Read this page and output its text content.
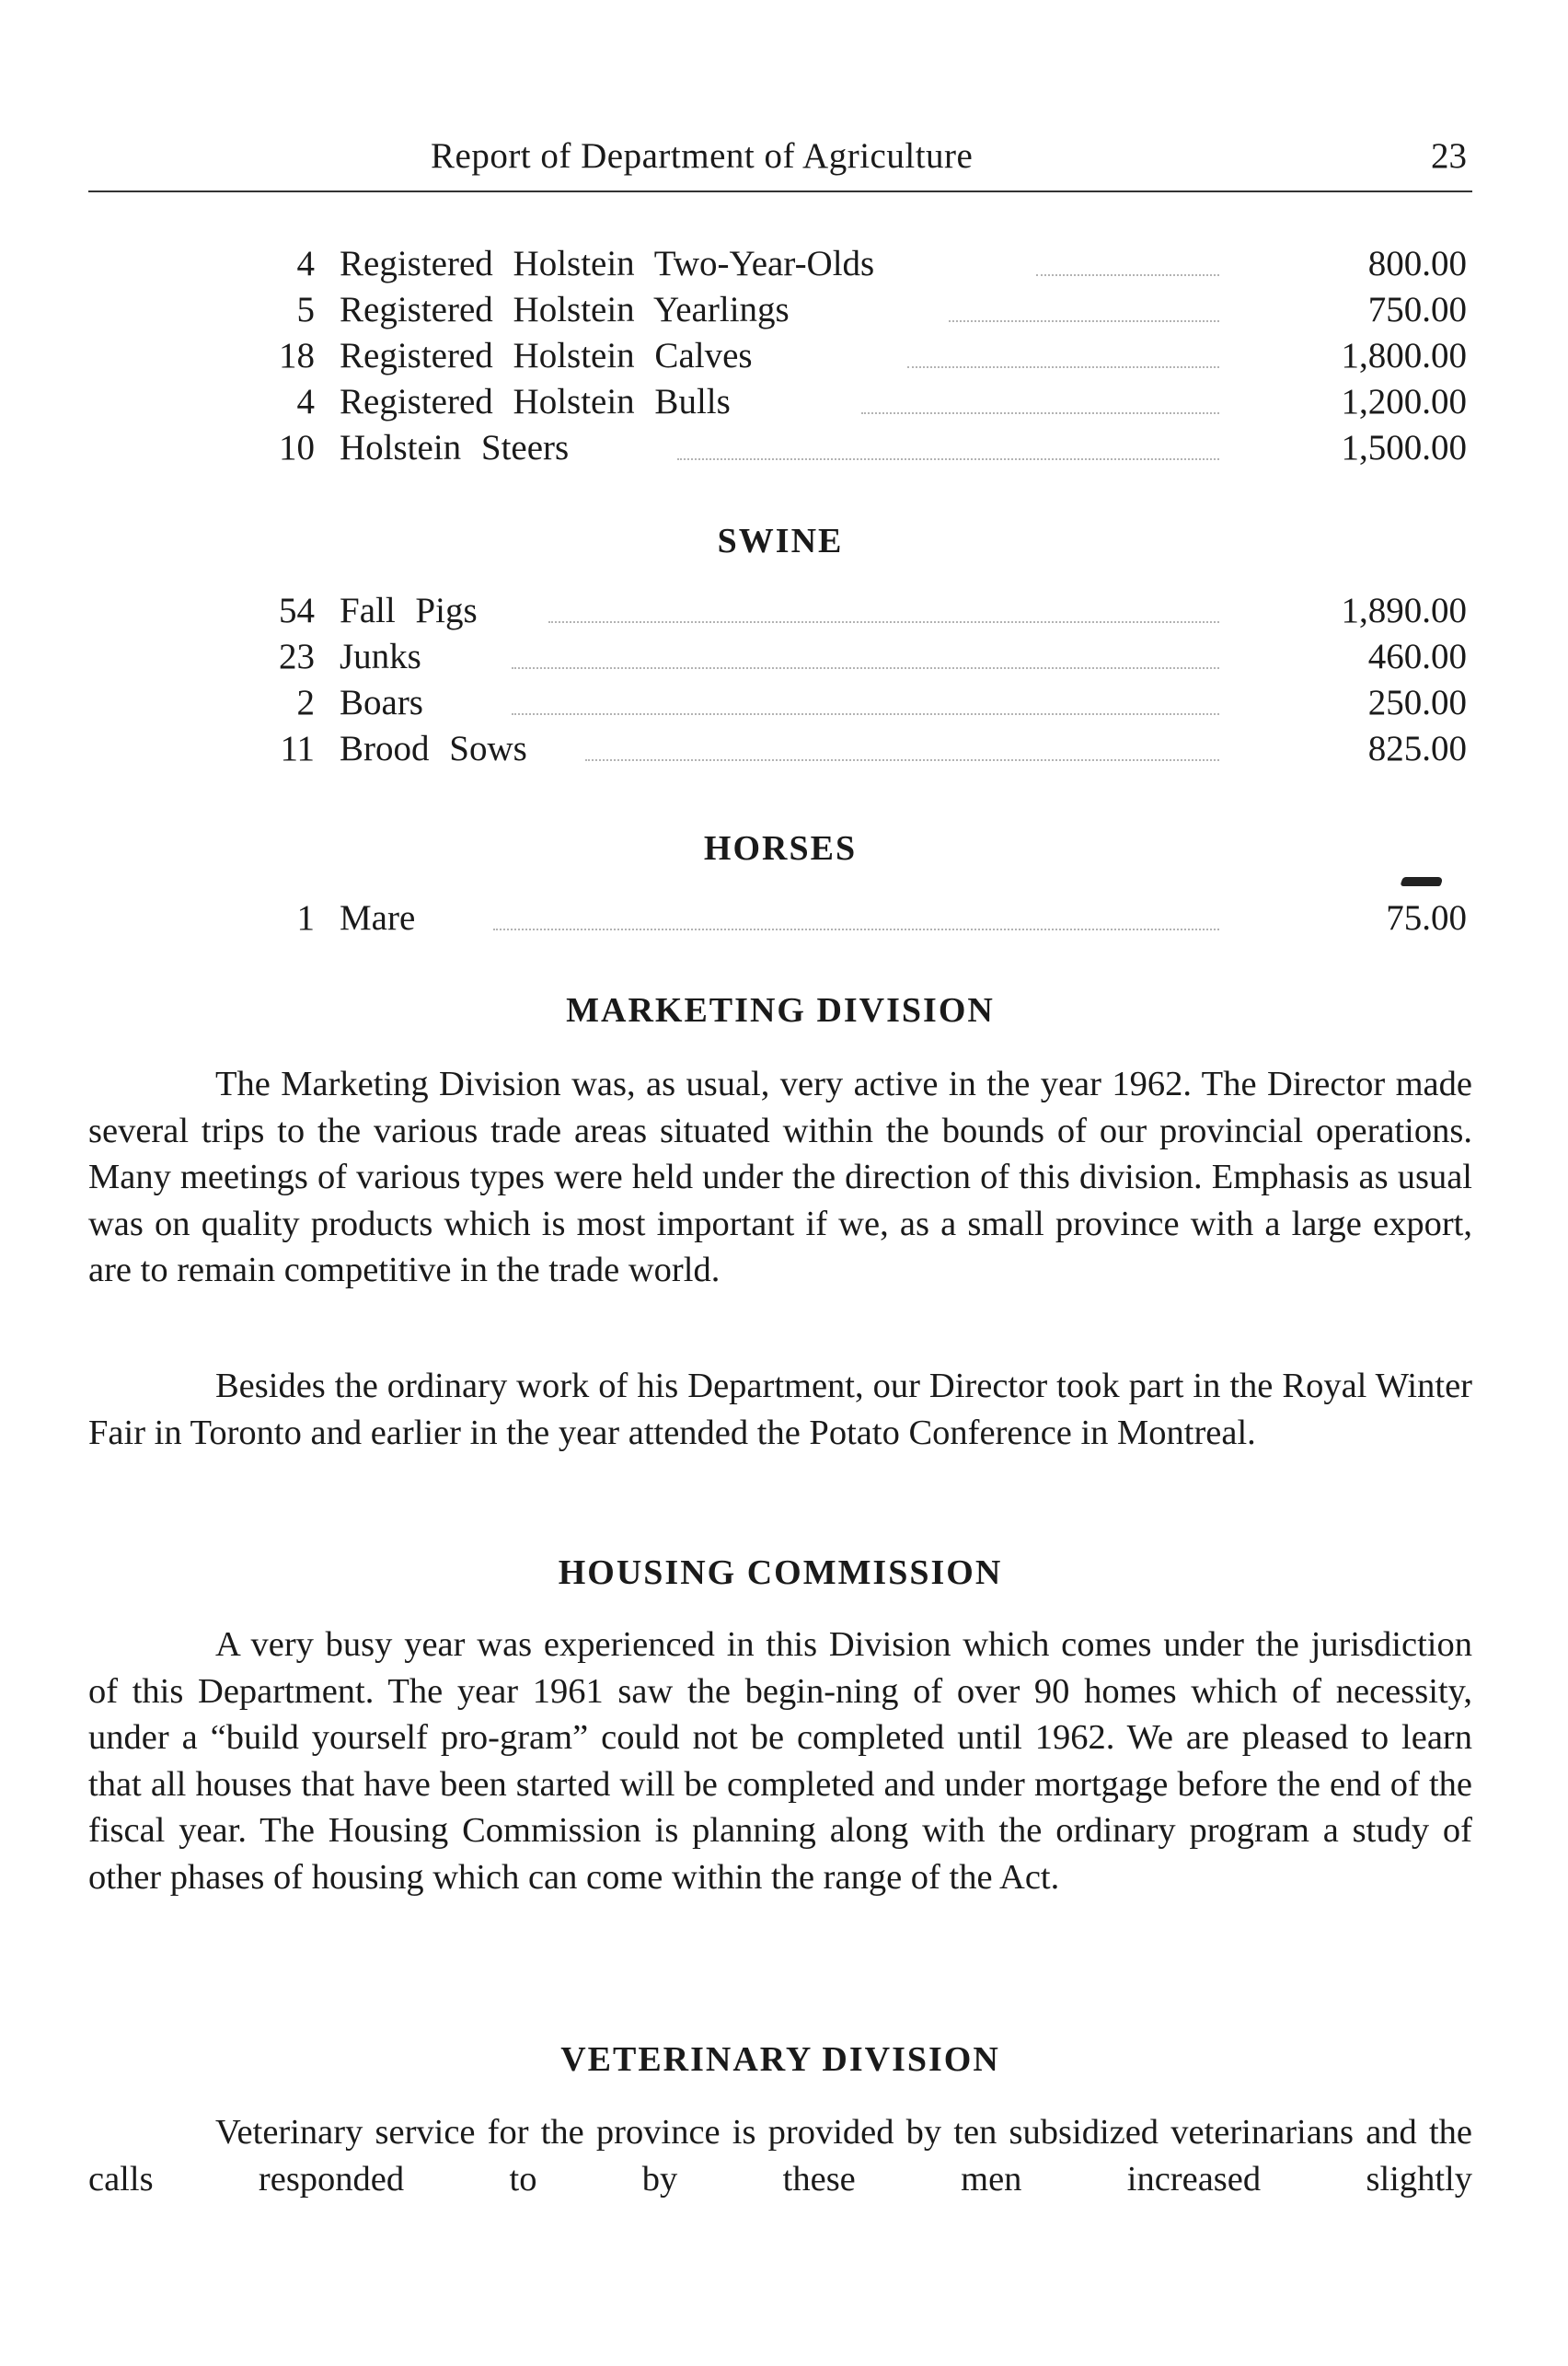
Report of Department of Agriculture	23
4 Registered Holstein Two-Year-Olds	800.00
5 Registered Holstein Yearlings	750.00
18 Registered Holstein Calves	1,800.00
4 Registered Holstein Bulls	1,200.00
10 Holstein Steers	1,500.00
SWINE
54 Fall Pigs	1,890.00
23 Junks	460.00
2 Boars	250.00
11 Brood Sows	825.00
HORSES
1 Mare	75.00
MARKETING DIVISION

The Marketing Division was, as usual, very active in the year 1962. The Director made several trips to the various trade areas situated within the bounds of our provincial operations. Many meetings of various types were held under the direction of this division. Emphasis as usual was on quality products which is most important if we, as a small province with a large export, are to remain competitive in the trade world.

Besides the ordinary work of his Department, our Director took part in the Royal Winter Fair in Toronto and earlier in the year attended the Potato Conference in Montreal.

HOUSING COMMISSION

A very busy year was experienced in this Division which comes under the jurisdiction of this Department. The year 1961 saw the begin-ning of over 90 homes which of necessity, under a “build yourself pro-gram” could not be completed until 1962. We are pleased to learn that all houses that have been started will be completed and under mortgage before the end of the fiscal year. The Housing Commission is planning along with the ordinary program a study of other phases of housing which can come within the range of the Act.

VETERINARY DIVISION

Veterinary service for the province is provided by ten subsidized veterinarians and the calls responded to by these men increased slightly
